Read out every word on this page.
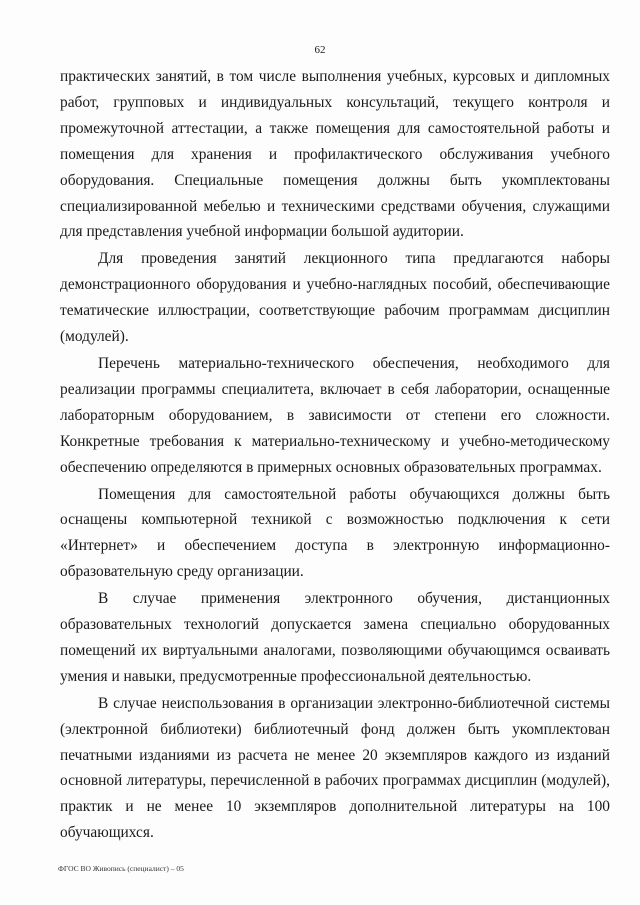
62

практических занятий, в том числе выполнения учебных, курсовых и дипломных работ, групповых и индивидуальных консультаций, текущего контроля и промежуточной аттестации, а также помещения для самостоятельной работы и помещения для хранения и профилактического обслуживания учебного оборудования. Специальные помещения должны быть укомплектованы специализированной мебелью и техническими средствами обучения, служащими для представления учебной информации большой аудитории.

Для проведения занятий лекционного типа предлагаются наборы демонстрационного оборудования и учебно-наглядных пособий, обеспечивающие тематические иллюстрации, соответствующие рабочим программам дисциплин (модулей).

Перечень материально-технического обеспечения, необходимого для реализации программы специалитета, включает в себя лаборатории, оснащенные лабораторным оборудованием, в зависимости от степени его сложности. Конкретные требования к материально-техническому и учебно-методическому обеспечению определяются в примерных основных образовательных программах.

Помещения для самостоятельной работы обучающихся должны быть оснащены компьютерной техникой с возможностью подключения к сети «Интернет» и обеспечением доступа в электронную информационно-образовательную среду организации.

В случае применения электронного обучения, дистанционных образовательных технологий допускается замена специально оборудованных помещений их виртуальными аналогами, позволяющими обучающимся осваивать умения и навыки, предусмотренные профессиональной деятельностью.

В случае неиспользования в организации электронно-библиотечной системы (электронной библиотеки) библиотечный фонд должен быть укомплектован печатными изданиями из расчета не менее 20 экземпляров каждого из изданий основной литературы, перечисленной в рабочих программах дисциплин (модулей), практик и не менее 10 экземпляров дополнительной литературы на 100 обучающихся.

ФГОС ВО Живопись (специалист) – 05
